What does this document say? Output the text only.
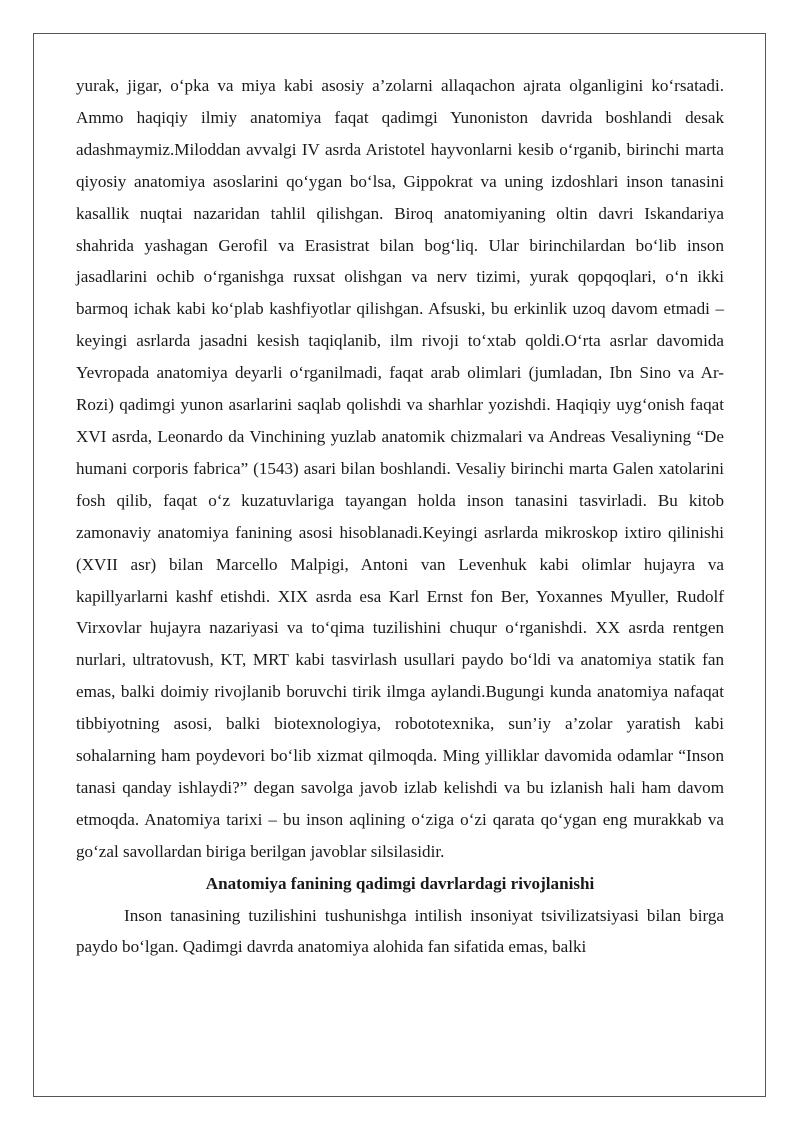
yurak, jigar, o‘pka va miya kabi asosiy a’zolarni allaqachon ajrata olganligini ko‘rsatadi. Ammo haqiqiy ilmiy anatomiya faqat qadimgi Yunoniston davrida boshlandi desak adashmaymiz.Miloddan avvalgi IV asrda Aristotel hayvonlarni kesib o‘rganib, birinchi marta qiyosiy anatomiya asoslarini qo‘ygan bo‘lsa, Gippokrat va uning izdoshlari inson tanasini kasallik nuqtai nazaridan tahlil qilishgan. Biroq anatomiyaning oltin davri Iskandariya shahrida yashagan Gerofil va Erasistrat bilan bog‘liq. Ular birinchilardan bo‘lib inson jasadlarini ochib o‘rganishga ruxsat olishgan va nerv tizimi, yurak qopqoqlari, o‘n ikki barmoq ichak kabi ko‘plab kashfiyotlar qilishgan. Afsuski, bu erkinlik uzoq davom etmadi – keyingi asrlarda jasadni kesish taqiqlanib, ilm rivoji to‘xtab qoldi.O‘rta asrlar davomida Yevropada anatomiya deyarli o‘rganilmadi, faqat arab olimlari (jumladan, Ibn Sino va Ar-Rozi) qadimgi yunon asarlarini saqlab qolishdi va sharhlar yozishdi. Haqiqiy uyg‘onish faqat XVI asrda, Leonardo da Vinchining yuzlab anatomik chizmalari va Andreas Vesaliyning “De humani corporis fabrica” (1543) asari bilan boshlandi. Vesaliy birinchi marta Galen xatolarini fosh qilib, faqat o‘z kuzatuvlariga tayangan holda inson tanasini tasvirladi. Bu kitob zamonaviy anatomiya fanining asosi hisoblanadi.Keyingi asrlarda mikroskop ixtiro qilinishi (XVII asr) bilan Marcello Malpigi, Antoni van Levenhuk kabi olimlar hujayra va kapillyarlarni kashf etishdi. XIX asrda esa Karl Ernst fon Ber, Yoxannes Myuller, Rudolf Virxovlar hujayra nazariyasi va to‘qima tuzilishini chuqur o‘rganishdi. XX asrda rentgen nurlari, ultratovush, KT, MRT kabi tasvirlash usullari paydo bo‘ldi va anatomiya statik fan emas, balki doimiy rivojlanib boruvchi tirik ilmga aylandi.Bugungi kunda anatomiya nafaqat tibbiyotning asosi, balki biotexnologiya, robototexnika, sun’iy a’zolar yaratish kabi sohalarning ham poydevori bo‘lib xizmat qilmoqda. Ming yilliklar davomida odamlar “Inson tanasi qanday ishlaydi?” degan savolga javob izlab kelishdi va bu izlanish hali ham davom etmoqda. Anatomiya tarixi – bu inson aqlining o‘ziga o‘zi qarata qo‘ygan eng murakkab va go‘zal savollardan biriga berilgan javoblar silsilasidir.

Anatomiya fanining qadimgi davrlardagi rivojlanishi

Inson tanasining tuzilishini tushunishga intilish insoniyat tsivilizatsiyasi bilan birga paydo bo‘lgan. Qadimgi davrda anatomiya alohida fan sifatida emas, balki
